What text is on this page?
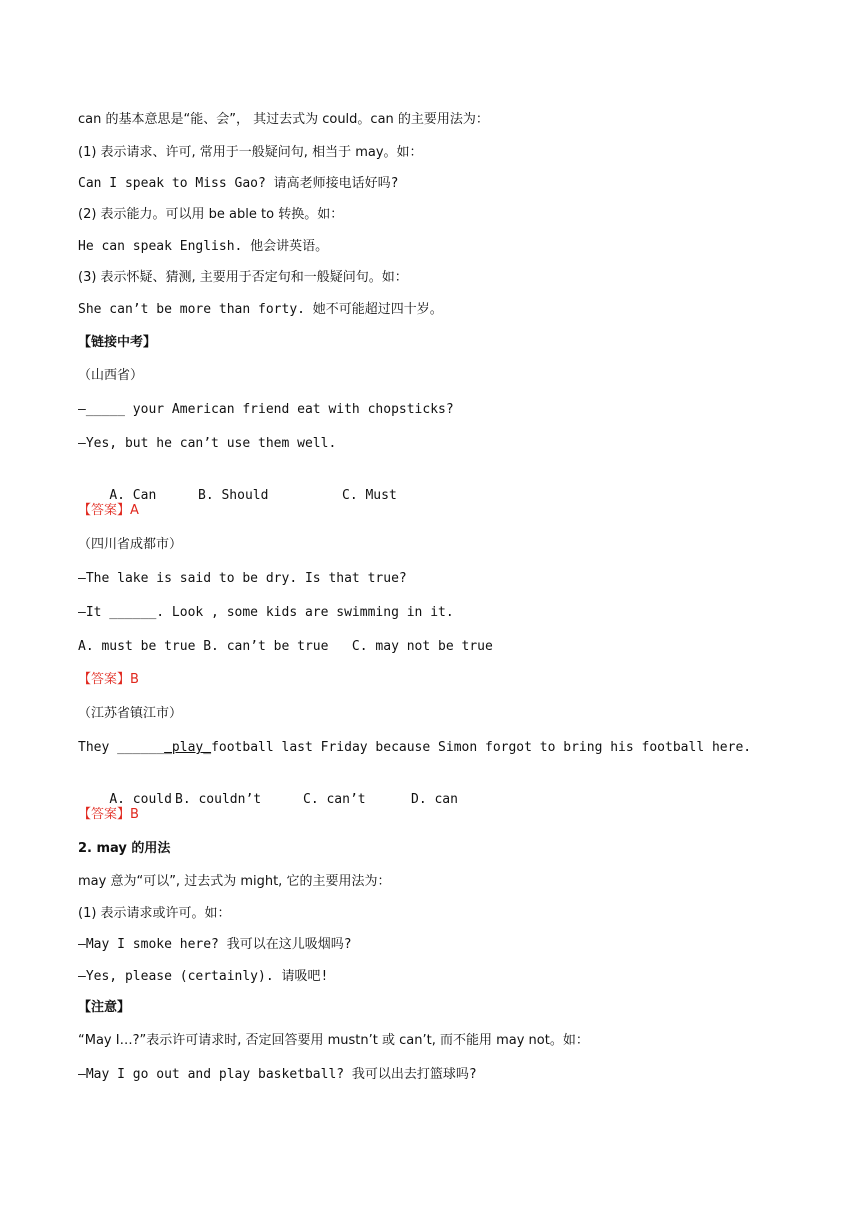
can 的基本意思是“能、会”， 其过去式为 could。can 的主要用法为：
(1) 表示请求、许可, 常用于一般疑问句, 相当于 may。如：
Can I speak to Miss Gao? 请高老师接电话好吗?
(2) 表示能力。可以用 be able to 转换。如：
He can speak English. 他会讲英语。
(3) 表示怀疑、猜测, 主要用于否定句和一般疑问句。如：
She can’t be more than forty. 她不可能超过四十岁。
【链接中考】
（山西省）
—_____ your American friend eat with chopsticks?
—Yes, but he can’t use them well.

A. Can	B. Should	C. Must

【答案】A
（四川省成都市）
—The lake is said to be dry. Is that true?
—It ______. Look , some kids are swimming in it.
A. must be true B. can’t be true   C. may not be true
【答案】B
（江苏省镇江市）
They _______play_football last Friday because Simon forgot to bring his football here.

A. could B. couldn’t	C. can’t	D. can

【答案】B
2. may 的用法
may 意为“可以”, 过去式为 might, 它的主要用法为：
(1) 表示请求或许可。如：
—May I smoke here? 我可以在这儿吸烟吗?
—Yes, please (certainly). 请吸吧!
【注意】
“May I…?”表示许可请求时, 否定回答要用 mustn’t 或 can’t, 而不能用 may not。如：
—May I go out and play basketball? 我可以出去打篮球吗?
